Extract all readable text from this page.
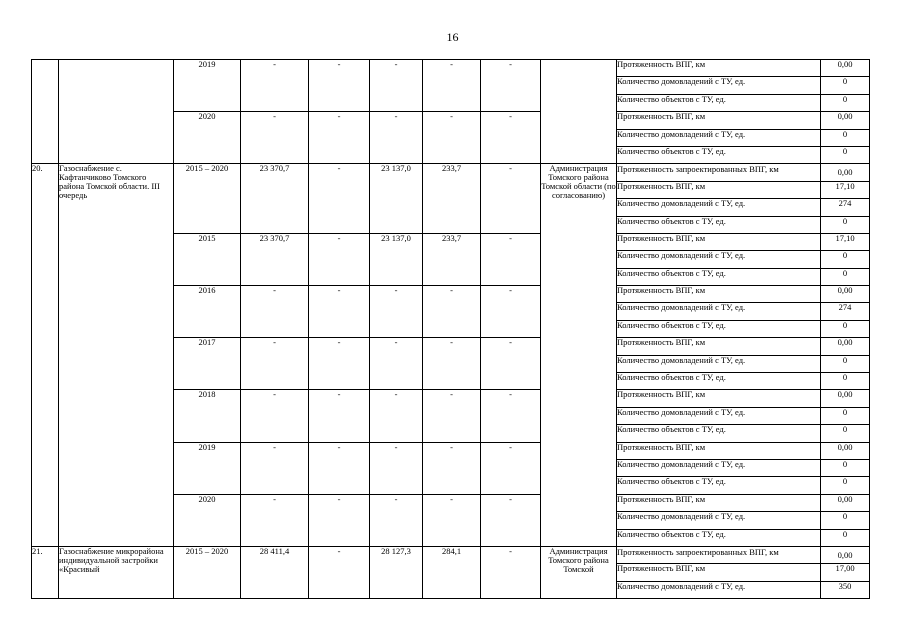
16
		2019	-	-	-	-	-		Протяженность ВПГ, км	0,00
									Количество домовладений с ТУ, ед.	0
									Количество объектов с ТУ, ед.	0
		2020	-	-	-	-	-		Протяженность ВПГ, км	0,00
									Количество домовладений с ТУ, ед.	0
									Количество объектов с ТУ, ед.	0
20.	Газоснабжение с. Кафтанчиково Томского района Томской области. III очередь	2015 – 2020	23 370,7	-	23 137,0	233,7	-	Администрация Томского района Томской области (по согласованию)	Протяженность запроектированных ВПГ, км	0,00
									Протяженность ВПГ, км	17,10
									Количество домовладений с ТУ, ед.	274
									Количество объектов с ТУ, ед.	0
		2015	23 370,7	-	23 137,0	233,7	-		Протяженность ВПГ, км	17,10
									Количество домовладений с ТУ, ед.	0
									Количество объектов с ТУ, ед.	0
		2016	-	-	-	-	-		Протяженность ВПГ, км	0,00
									Количество домовладений с ТУ, ед.	274
									Количество объектов с ТУ, ед.	0
		2017	-	-	-	-	-		Протяженность ВПГ, км	0,00
									Количество домовладений с ТУ, ед.	0
									Количество объектов с ТУ, ед.	0
		2018	-	-	-	-	-		Протяженность ВПГ, км	0,00
									Количество домовладений с ТУ, ед.	0
									Количество объектов с ТУ, ед.	0
		2019	-	-	-	-	-		Протяженность ВПГ, км	0,00
									Количество домовладений с ТУ, ед.	0
									Количество объектов с ТУ, ед.	0
		2020	-	-	-	-	-		Протяженность ВПГ, км	0,00
									Количество домовладений с ТУ, ед.	0
									Количество объектов с ТУ, ед.	0
21.	Газоснабжение микрорайона индивидуальной застройки «Красивый	2015 – 2020	28 411,4	-	28 127,3	284,1	-	Администрация Томского района Томской	Протяженность запроектированных ВПГ, км	0,00
									Протяженность ВПГ, км	17,00
									Количество домовладений с ТУ, ед.	350
